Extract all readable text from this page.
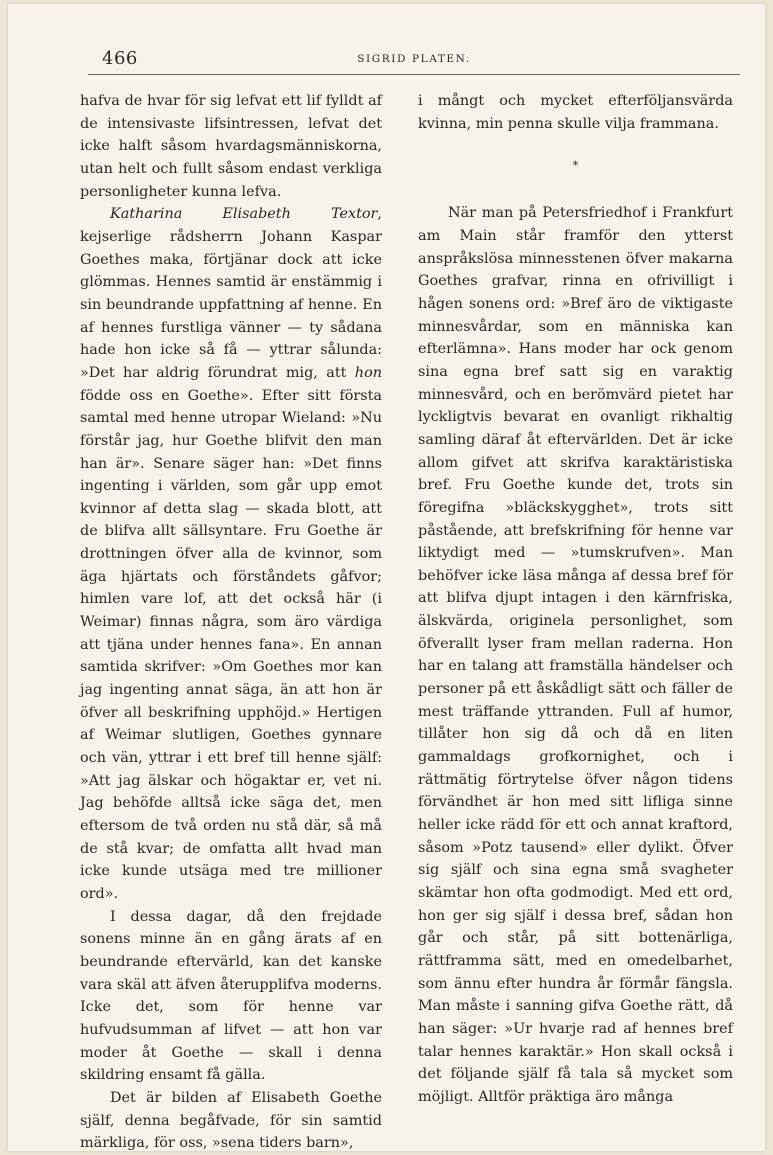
466	SIGRID PLATEN.

hafva de hvar för sig lefvat ett lif fylldt af de intensivaste lifsintressen, lefvat det icke halft såsom hvardagsmänniskorna, utan helt och fullt såsom endast verkliga personligheter kunna lefva.

Katharina Elisabeth Textor, kejserlige rådsherrn Johann Kaspar Goethes maka, förtjänar dock att icke glömmas. Hennes samtid är enstämmig i sin beundrande uppfattning af henne. En af hennes furstliga vänner — ty sådana hade hon icke så få — yttrar sålunda: »Det har aldrig förundrat mig, att hon födde oss en Goethe». Efter sitt första samtal med henne utropar Wieland: »Nu förstår jag, hur Goethe blifvit den man han är». Senare säger han: »Det finns ingenting i världen, som går upp emot kvinnor af detta slag — skada blott, att de blifva allt sällsyntare. Fru Goethe är drottningen öfver alla de kvinnor, som äga hjärtats och förståndets gåfvor; himlen vare lof, att det också här (i Weimar) finnas några, som äro värdiga att tjäna under hennes fana». En annan samtida skrifver: »Om Goethes mor kan jag ingenting annat säga, än att hon är öfver all beskrifning upphöjd.» Hertigen af Weimar slutligen, Goethes gynnare och vän, yttrar i ett bref till henne själf: »Att jag älskar och högaktar er, vet ni. Jag behöfde alltså icke säga det, men eftersom de två orden nu stå där, så må de stå kvar; de omfatta allt hvad man icke kunde utsäga med tre millioner ord».

I dessa dagar, då den frejdade sonens minne än en gång ärats af en beundrande eftervärld, kan det kanske vara skäl att äfven återupplifva moderns. Icke det, som för henne var hufvudsumman af lifvet — att hon var moder åt Goethe — skall i denna skildring ensamt få gälla.

Det är bilden af Elisabeth Goethe själf, denna begåfvade, för sin samtid märkliga, för oss, »sena tiders barn»,

i mångt och mycket efterföljansvärda kvinna, min penna skulle vilja frammana.

*

När man på Petersfriedhof i Frankfurt am Main står framför den ytterst anspråkslösa minnesstenen öfver makarna Goethes grafvar, rinna en ofrivilligt i hågen sonens ord: »Bref äro de viktigaste minnesvårdar, som en människa kan efterlämna». Hans moder har ock genom sina egna bref satt sig en varaktig minnesvård, och en berömvärd pietet har lyckligtvis bevarat en ovanligt rikhaltig samling däraf åt eftervärlden. Det är icke allom gifvet att skrifva karaktäristiska bref. Fru Goethe kunde det, trots sin föregifna »bläckskygghet», trots sitt påstående, att brefskrifning för henne var liktydigt med — »tumskrufven». Man behöfver icke läsa många af dessa bref för att blifva djupt intagen i den kärnfriska, älskvärda, originela personlighet, som öfverallt lyser fram mellan raderna. Hon har en talang att framställa händelser och personer på ett åskådligt sätt och fäller de mest träffande yttranden. Full af humor, tillåter hon sig då och då en liten gammaldags grofkornighet, och i rättmätig förtrytelse öfver någon tidens förvändhet är hon med sitt lifliga sinne heller icke rädd för ett och annat kraftord, såsom »Potz tausend» eller dylikt. Öfver sig själf och sina egna små svagheter skämtar hon ofta godmodigt. Med ett ord, hon ger sig själf i dessa bref, sådan hon går och står, på sitt bottenärliga, rättframma sätt, med en omedelbarhet, som ännu efter hundra år förmår fängsla. Man måste i sanning gifva Goethe rätt, då han säger: »Ur hvarje rad af hennes bref talar hennes karaktär.» Hon skall också i det följande själf få tala så mycket som möjligt. Alltför präktiga äro många
